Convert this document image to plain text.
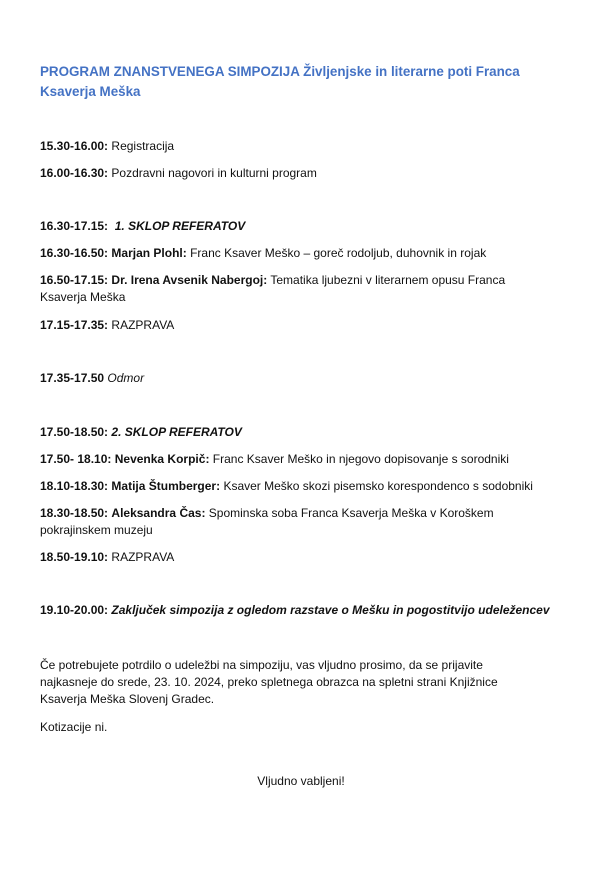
PROGRAM ZNANSTVENEGA SIMPOZIJA Življenjske in literarne poti Franca Ksaverja Meška
15.30-16.00: Registracija
16.00-16.30: Pozdravni nagovori in kulturni program
16.30-17.15: 1. SKLOP REFERATOV
16.30-16.50: Marjan Plohl: Franc Ksaver Meško – goreč rodoljub, duhovnik in rojak
16.50-17.15: Dr. Irena Avsenik Nabergoj: Tematika ljubezni v literarnem opusu Franca Ksaverja Meška
17.15-17.35: RAZPRAVA
17.35-17.50 Odmor
17.50-18.50: 2. SKLOP REFERATOV
17.50- 18.10: Nevenka Korpič: Franc Ksaver Meško in njegovo dopisovanje s sorodniki
18.10-18.30: Matija Štumberger: Ksaver Meško skozi pisemsko korespondenco s sodobniki
18.30-18.50: Aleksandra Čas: Spominska soba Franca Ksaverja Meška v Koroškem pokrajinskem muzeju
18.50-19.10: RAZPRAVA
19.10-20.00: Zaključek simpozija z ogledom razstave o Mešku in pogostitvijo udeležencev
Če potrebujete potrdilo o udeležbi na simpoziju, vas vljudno prosimo, da se prijavite najkasneje do srede, 23. 10. 2024, preko spletnega obrazca na spletni strani Knjižnice Ksaverja Meška Slovenj Gradec.
Kotizacije ni.
Vljudno vabljeni!
